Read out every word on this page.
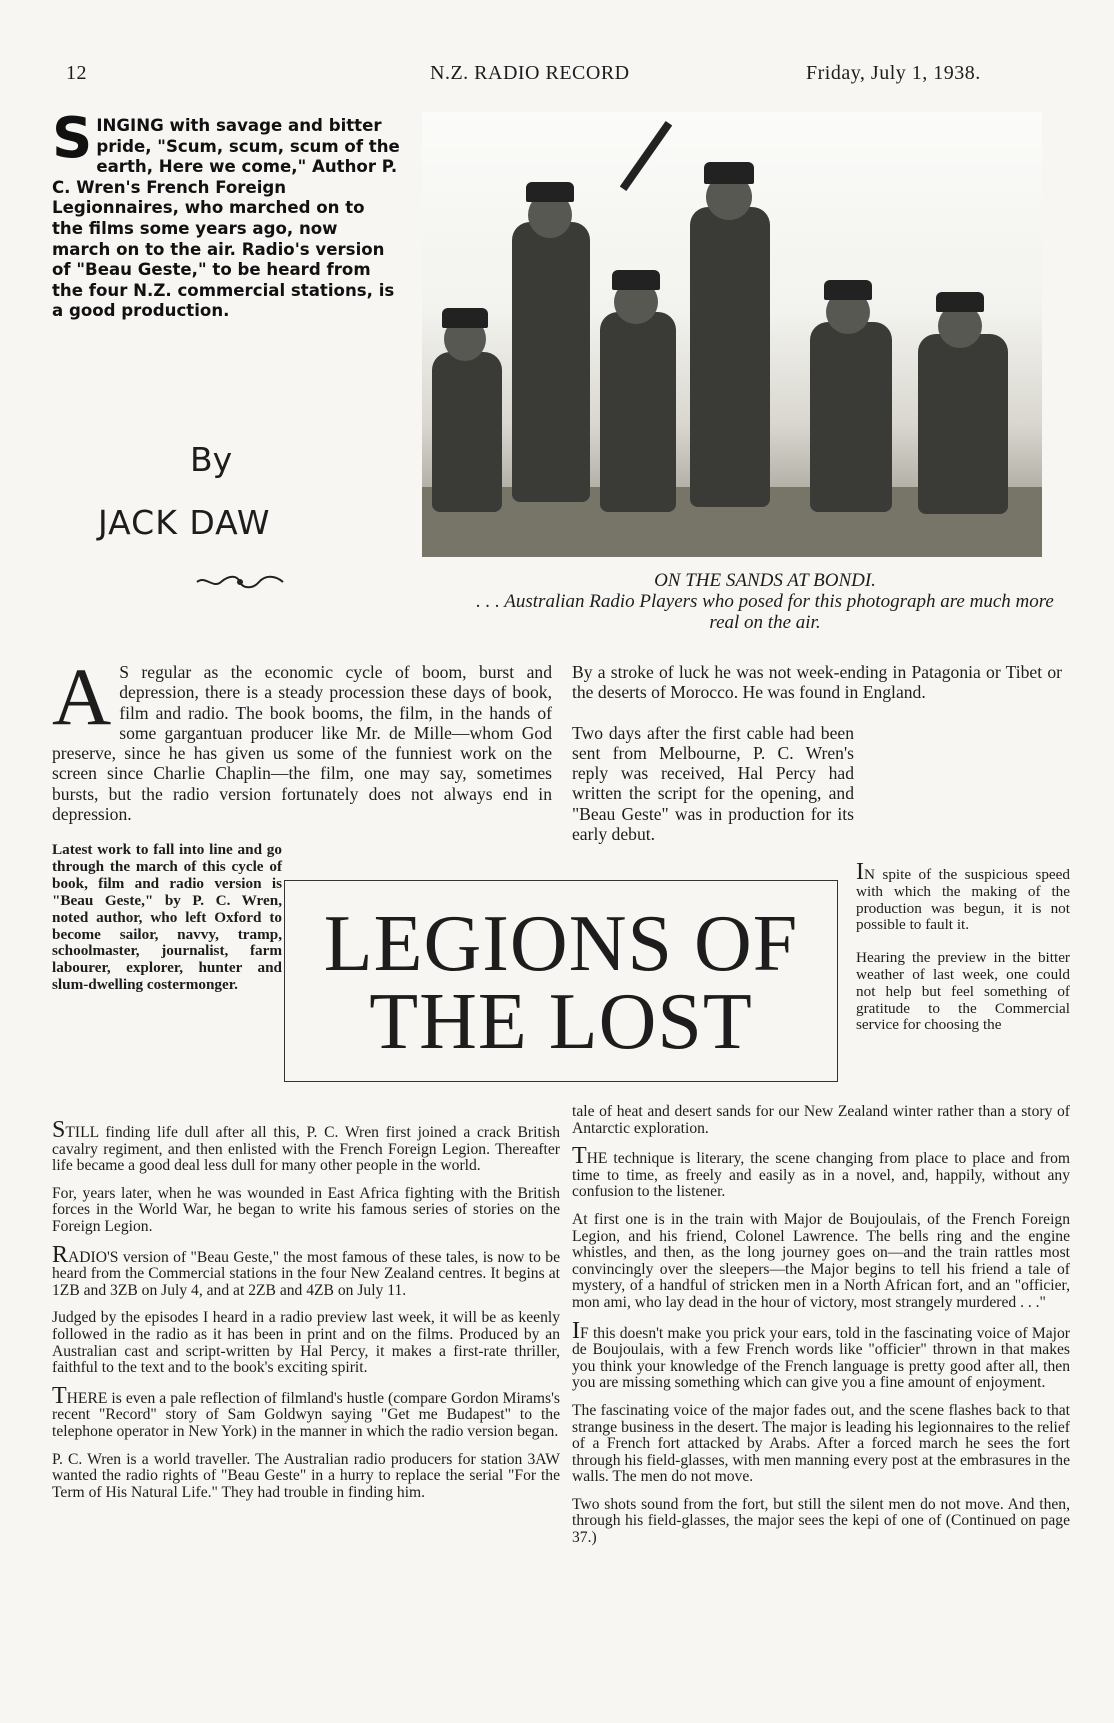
12	N.Z. RADIO RECORD	Friday, July 1, 1938.
S INGING with savage and bitter pride, "Scum, scum, scum of the earth, Here we come," Author P. C. Wren's French Foreign Legionnaires, who marched on to the films some years ago, now march on to the air. Radio's version of "Beau Geste," to be heard from the four N.Z. commercial stations, is a good production.
By
JACK DAW
ON THE SANDS AT BONDI.
. . . Australian Radio Players who posed for this photograph are much more real on the air.
A S regular as the economic cycle of boom, burst and depression, there is a steady procession these days of book, film and radio. The book booms, the film, in the hands of some gargantuan producer like Mr. de Mille—whom God preserve, since he has given us some of the funniest work on the screen since Charlie Chaplin—the film, one may say, sometimes bursts, but the radio version fortunately does not always end in depression.
Latest work to fall into line and go through the march of this cycle of book, film and radio version is "Beau Geste," by P. C. Wren, noted author, who left Oxford to become sailor, navvy, tramp, schoolmaster, journalist, farm labourer, explorer, hunter and slum-dwelling costermonger.	LEGIONS OF
THE LOST

STILL finding life dull after all this, P. C. Wren first joined a crack British cavalry regiment, and then enlisted with the French Foreign Legion. Thereafter life became a good deal less dull for many other people in the world.

For, years later, when he was wounded in East Africa fighting with the British forces in the World War, he began to write his famous series of stories on the Foreign Legion.

RADIO'S version of "Beau Geste," the most famous of these tales, is now to be heard from the Commercial stations in the four New Zealand centres. It begins at 1ZB and 3ZB on July 4, and at 2ZB and 4ZB on July 11.

Judged by the episodes I heard in a radio preview last week, it will be as keenly followed in the radio as it has been in print and on the films. Produced by an Australian cast and script-written by Hal Percy, it makes a first-rate thriller, faithful to the text and to the book's exciting spirit.

THERE is even a pale reflection of filmland's hustle (compare Gordon Mirams's recent "Record" story of Sam Goldwyn saying "Get me Budapest" to the telephone operator in New York) in the manner in which the radio version began.

P. C. Wren is a world traveller. The Australian radio producers for station 3AW wanted the radio rights of "Beau Geste" in a hurry to replace the serial "For the Term of His Natural Life." They had trouble in finding him.

By a stroke of luck he was not week-ending in Patagonia or Tibet or the deserts of Morocco. He was found in England.

Two days after the first cable had been sent from Melbourne, P. C. Wren's reply was received, Hal Percy had written the script for the opening, and "Beau Geste" was in production for its early debut.

IN spite of the suspicious speed with which the making of the production was begun, it is not possible to fault it.

Hearing the preview in the bitter weather of last week, one could not help but feel something of gratitude to the Commercial service for choosing the

tale of heat and desert sands for our New Zealand winter rather than a story of Antarctic exploration.

THE technique is literary, the scene changing from place to place and from time to time, as freely and easily as in a novel, and, happily, without any confusion to the listener.

At first one is in the train with Major de Boujoulais, of the French Foreign Legion, and his friend, Colonel Lawrence. The bells ring and the engine whistles, and then, as the long journey goes on—and the train rattles most convincingly over the sleepers—the Major begins to tell his friend a tale of mystery, of a handful of stricken men in a North African fort, and an "officier, mon ami, who lay dead in the hour of victory, most strangely murdered . . ."

IF this doesn't make you prick your ears, told in the fascinating voice of Major de Boujoulais, with a few French words like "officier" thrown in that makes you think your knowledge of the French language is pretty good after all, then you are missing something which can give you a fine amount of enjoyment.

The fascinating voice of the major fades out, and the scene flashes back to that strange business in the desert. The major is leading his legionnaires to the relief of a French fort attacked by Arabs. After a forced march he sees the fort through his field-glasses, with men manning every post at the embrasures in the walls. The men do not move.

Two shots sound from the fort, but still the silent men do not move. And then, through his field-glasses, the major sees the kepi of one of (Continued on page 37.)
